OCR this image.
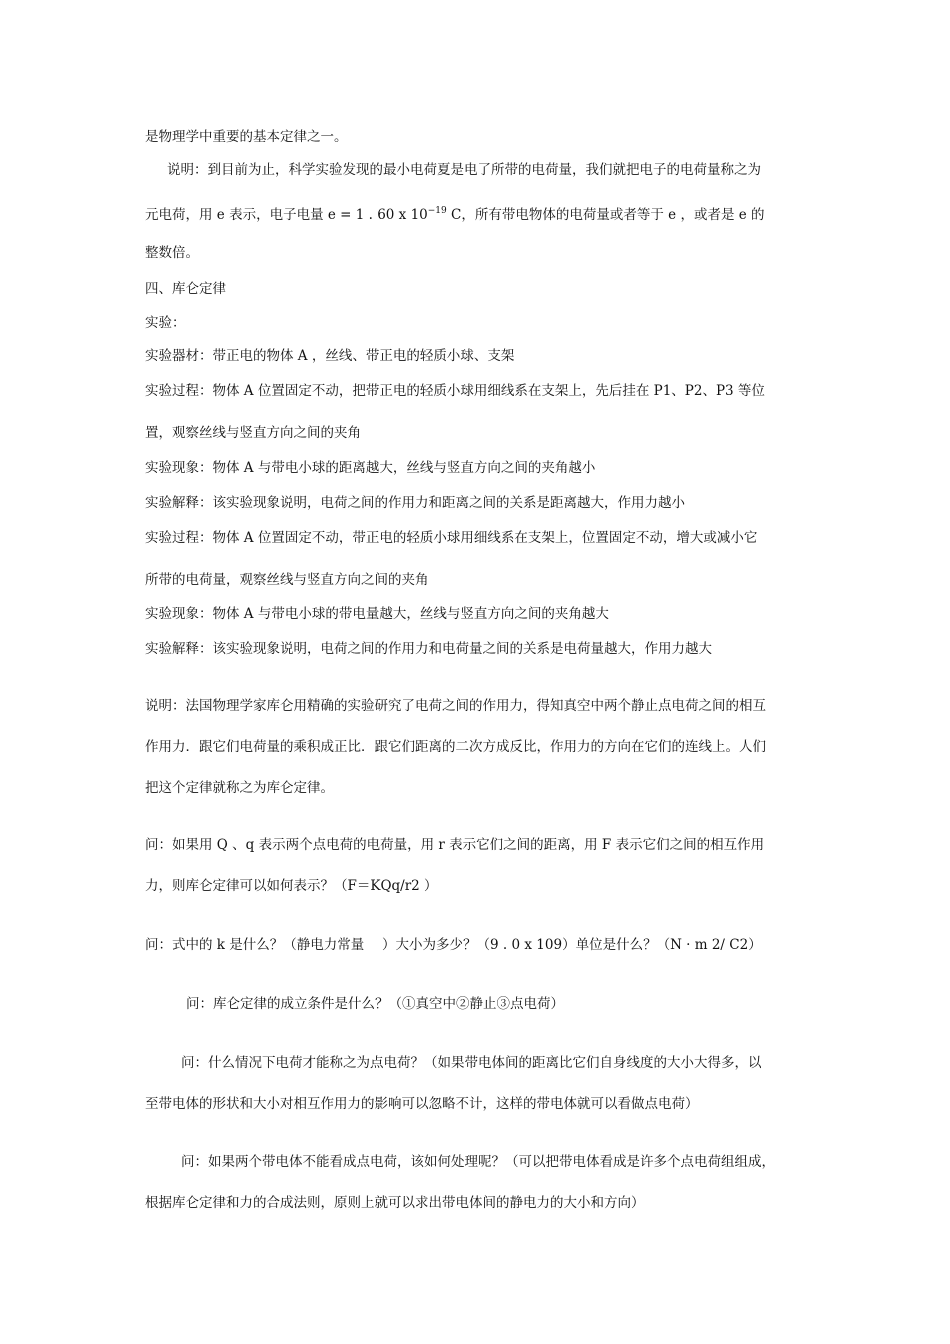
是物理学中重要的基本定律之一。
说明：到目前为止，科学实验发现的最小电荷夏是电了所带的电荷量，我们就把电子的电荷量称之为
元电荷，用 e 表示，电子电量 e = 1 . 60 x $10^{-19}$ C，所有带电物体的电荷量或者等于 e ，或者是 e 的
整数倍。
四、库仑定律
实验：
实验器材：带正电的物体 A ，丝线、带正电的轻质小球、支架
实验过程：物体 A 位置固定不动，把带正电的轻质小球用细线系在支架上，先后挂在 P1、P2、P3 等位
置，观察丝线与竖直方向之间的夹角
实验现象：物体 A 与带电小球的距离越大，丝线与竖直方向之间的夹角越小
实验解释：该实验现象说明，电荷之间的作用力和距离之间的关系是距离越大，作用力越小
实验过程：物体 A 位置固定不动，带正电的轻质小球用细线系在支架上，位置固定不动，增大或减小它
所带的电荷量，观察丝线与竖直方向之间的夹角
实验现象：物体 A 与带电小球的带电量越大，丝线与竖直方向之间的夹角越大
实验解释：该实验现象说明，电荷之间的作用力和电荷量之间的关系是电荷量越大，作用力越大
说明：法国物理学家库仑用精确的实验研究了电荷之间的作用力，得知真空中两个静止点电荷之间的相互
作用力．跟它们电荷量的乘积成正比．跟它们距离的二次方成反比，作用力的方向在它们的连线上。人们
把这个定律就称之为库仑定律。
问：如果用 Q 、q 表示两个点电荷的电荷量，用 r 表示它们之间的距离，用 F 表示它们之间的相互作用
力，则库仑定律可以如何表示？（F＝KQq/r2 ）
问：式中的 k 是什么？（静电力常量　 ）大小为多少？（9 . 0 x 109）单位是什么？（N · m 2/ C2）
问：库仑定律的成立条件是什么？（①真空中②静止③点电荷）
问：什么情况下电荷才能称之为点电荷？（如果带电体间的距离比它们自身线度的大小大得多，以
至带电体的形状和大小对相互作用力的影响可以忽略不计，这样的带电体就可以看做点电荷）
问：如果两个带电体不能看成点电荷，该如何处理呢？（可以把带电体看成是许多个点电荷组组成，
根据库仑定律和力的合成法则，原则上就可以求出带电体间的静电力的大小和方向）
